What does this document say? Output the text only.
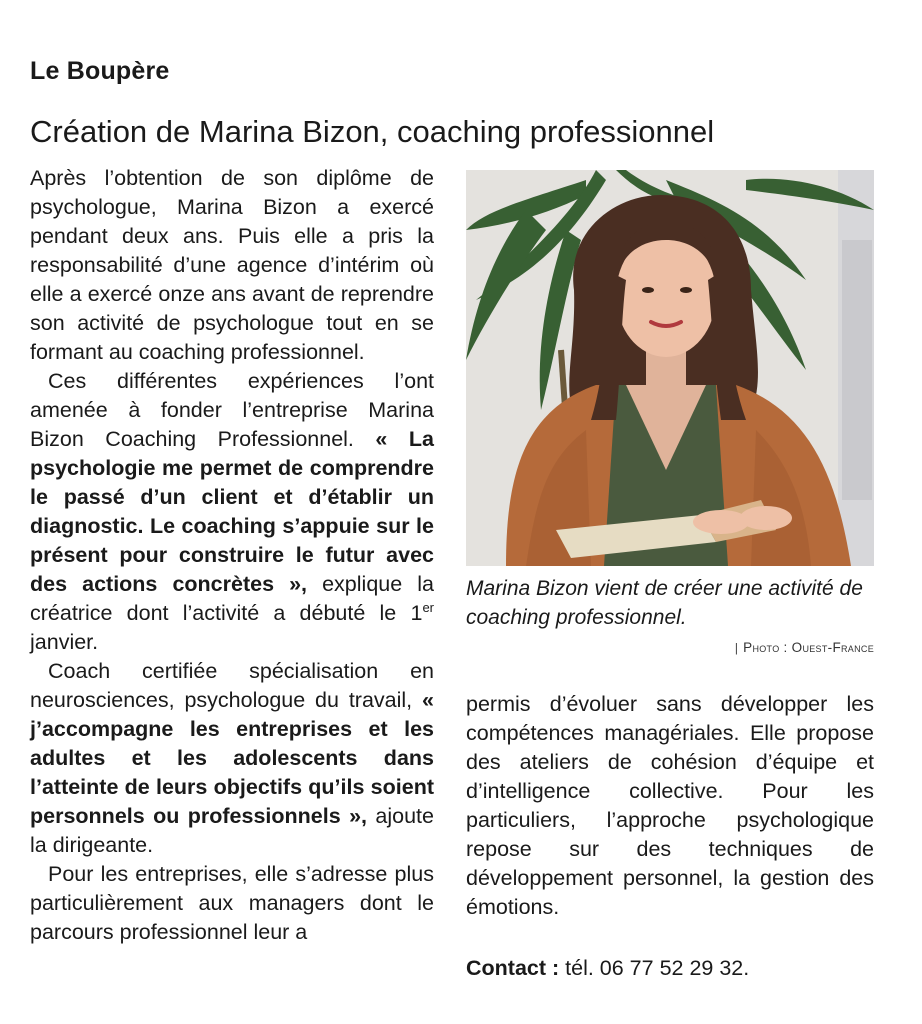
Le Boupère
Création de Marina Bizon, coaching professionnel

Après l’obtention de son diplôme de psychologue, Marina Bizon a exercé pendant deux ans. Puis elle a pris la responsabilité d’une agence d’intérim où elle a exercé onze ans avant de reprendre son activité de psychologue tout en se formant au coaching professionnel.

Ces différentes expériences l’ont amenée à fonder l’entreprise Marina Bizon Coaching Professionnel. « La psychologie me permet de comprendre le passé d’un client et d’établir un diagnostic. Le coaching s’appuie sur le présent pour construire le futur avec des actions concrètes », explique la créatrice dont l’activité a débuté le 1er janvier.

Coach certifiée spécialisation en neurosciences, psychologue du travail, « j’accompagne les entreprises et les adultes et les adolescents dans l’atteinte de leurs objectifs qu’ils soient personnels ou professionnels », ajoute la dirigeante.

Pour les entreprises, elle s’adresse plus particulièrement aux managers dont le parcours professionnel leur a

Marina Bizon vient de créer une activité de coaching professionnel.

| Photo : Ouest-France

permis d’évoluer sans développer les compétences managériales. Elle propose des ateliers de cohésion d’équipe et d’intelligence collective. Pour les particuliers, l’approche psychologique repose sur des techniques de développement personnel, la gestion des émotions.

Contact : tél. 06 77 52 29 32.
